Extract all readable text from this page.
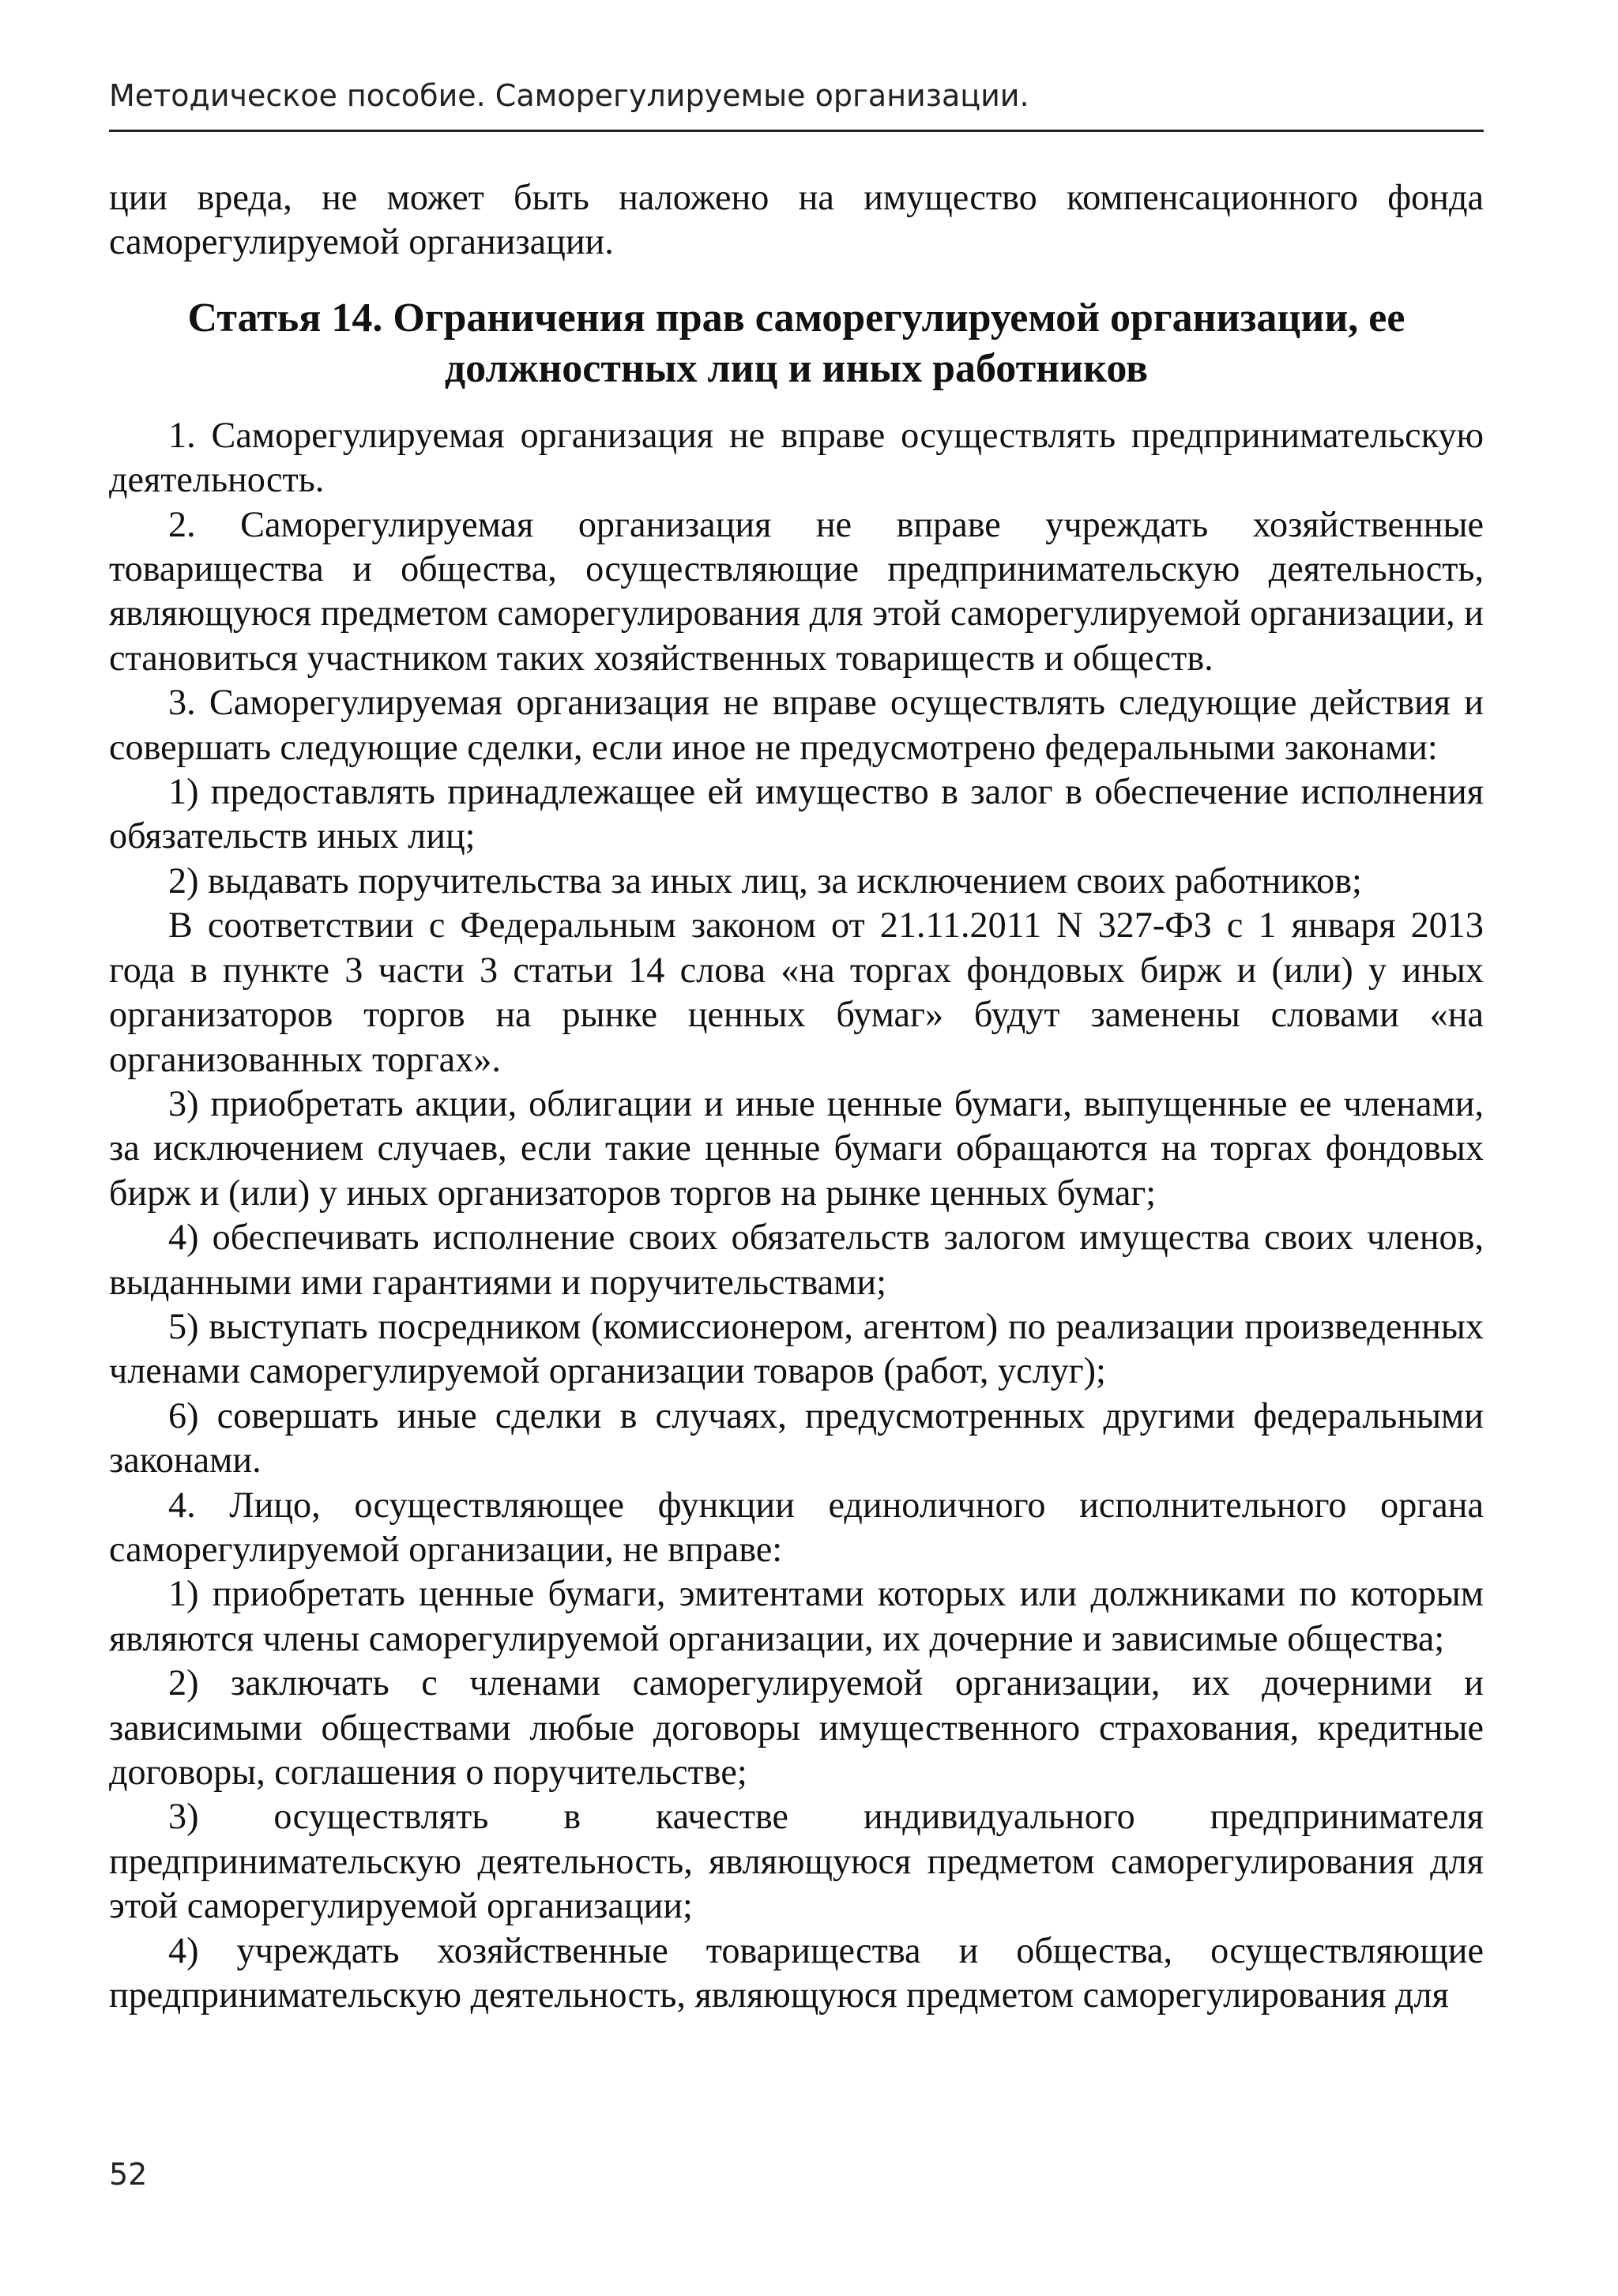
Методическое пособие. Саморегулируемые организации.

ции вреда, не может быть наложено на имущество компенсационного фонда саморегулируемой организации.

Статья 14. Ограничения прав саморегулируемой организации, ее
должностных лиц и иных работников

1. Саморегулируемая организация не вправе осуществлять предпринимательскую деятельность.

2. Саморегулируемая организация не вправе учреждать хозяйственные товарищества и общества, осуществляющие предпринимательскую деятельность, являющуюся предметом саморегулирования для этой саморегулируемой организации, и становиться участником таких хозяйственных товариществ и обществ.

3. Саморегулируемая организация не вправе осуществлять следующие действия и совершать следующие сделки, если иное не предусмотрено федеральными законами:

1) предоставлять принадлежащее ей имущество в залог в обеспечение исполнения обязательств иных лиц;

2) выдавать поручительства за иных лиц, за исключением своих работников;

В соответствии с Федеральным законом от 21.11.2011 N 327-ФЗ с 1 января 2013 года в пункте 3 части 3 статьи 14 слова «на торгах фондовых бирж и (или) у иных организаторов торгов на рынке ценных бумаг» будут заменены словами «на организованных торгах».

3) приобретать акции, облигации и иные ценные бумаги, выпущенные ее членами, за исключением случаев, если такие ценные бумаги обращаются на торгах фондовых бирж и (или) у иных организаторов торгов на рынке ценных бумаг;

4) обеспечивать исполнение своих обязательств залогом имущества своих членов, выданными ими гарантиями и поручительствами;

5) выступать посредником (комиссионером, агентом) по реализации произведенных членами саморегулируемой организации товаров (работ, услуг);

6) совершать иные сделки в случаях, предусмотренных другими федеральными законами.

4. Лицо, осуществляющее функции единоличного исполнительного органа саморегулируемой организации, не вправе:

1) приобретать ценные бумаги, эмитентами которых или должниками по которым являются члены саморегулируемой организации, их дочерние и зависимые общества;

2) заключать с членами саморегулируемой организации, их дочерними и зависимыми обществами любые договоры имущественного страхования, кредитные договоры, соглашения о поручительстве;

3) осуществлять в качестве индивидуального предпринимателя предпринимательскую деятельность, являющуюся предметом саморегулирования для этой саморегулируемой организации;

4) учреждать хозяйственные товарищества и общества, осуществляющие предпринимательскую деятельность, являющуюся предметом саморегулирования для

52
